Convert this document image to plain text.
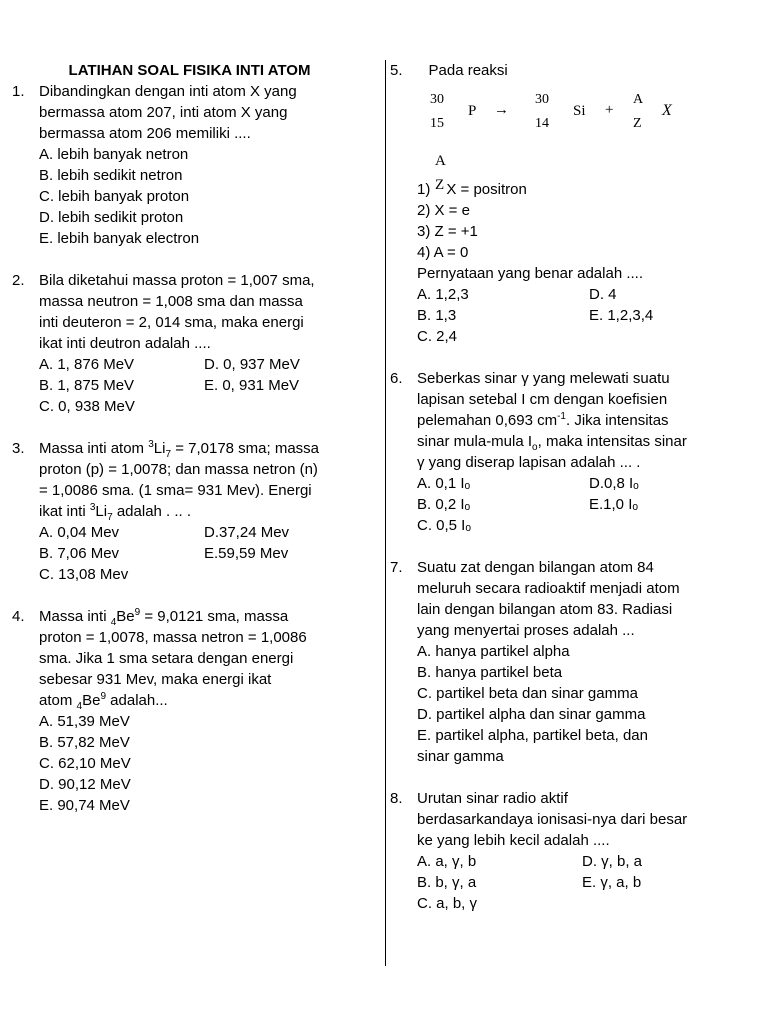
LATIHAN SOAL FISIKA INTI ATOM
1. Dibandingkan dengan inti atom X yang
bermassa atom 207, inti atom X yang
bermassa atom 206 memiliki ....
A. lebih banyak netron
B. lebih sedikit netron
C. lebih banyak proton
D. lebih sedikit proton
E. lebih banyak electron
2. Bila diketahui massa proton = 1,007 sma,
massa neutron = 1,008 sma dan massa
inti deuteron = 2, 014 sma, maka energi
ikat inti deutron adalah ....
A. 1, 876 MeV	D. 0, 937 MeV
B. 1, 875 MeV	E. 0, 931 MeV
C. 0, 938 MeV
3. Massa inti atom $^3Li_7 = 7,0178$ sma; massa
proton (p) = 1,0078; dan massa netron (n)
= 1,0086 sma. (1 sma= 931 Mev). Energi
ikat inti $^3Li_7$ adalah . .. .
A. 0,04 Mev	D.37,24 Mev
B. 7,06 Mev	E.59,59 Mev
C. 13,08 Mev
4. Massa inti $_4Be^9 = 9,0121$ sma, massa
proton = 1,0078, massa netron = 1,0086
sma. Jika 1 sma setara dengan energi
sebesar 931 Mev, maka energi ikat
atom $_4Be^9$ adalah...
A. 51,39 MeV
B. 57,82 MeV
C. 62,10 MeV
D. 90,12 MeV
E. 90,74 MeV
5. Pada reaksi
30
15
P →
30
14
Si +
A
Z
X
A
Z
1) X = positron
2) X = e
3) Z = +1
4) A = 0
Pernyataan yang benar adalah ....
A. 1,2,3	D. 4
B. 1,3	E. 1,2,3,4
C. 2,4
6. Seberkas sinar γ yang melewati suatu
lapisan setebal I cm dengan koefisien
pelemahan 0,693 $cm^{-1}$. Jika intensitas
sinar mula-mula $I_o$, maka intensitas sinar
γ yang diserap lapisan adalah ... .
A. 0,1 Iₒ	D.0,8 Iₒ
B. 0,2 Iₒ	E.1,0 Iₒ
C. 0,5 Iₒ
7. Suatu zat dengan bilangan atom 84
meluruh secara radioaktif menjadi atom
lain dengan bilangan atom 83. Radiasi
yang menyertai proses adalah ...
A. hanya partikel alpha
B. hanya partikel beta
C. partikel beta dan sinar gamma
D. partikel alpha dan sinar gamma
E. partikel alpha, partikel beta, dan
sinar gamma
8. Urutan sinar radio aktif
berdasarkandaya ionisasi-nya dari besar
ke yang lebih kecil adalah ....
A. a, γ, b	D. γ, b, a
B. b, γ, a	E. γ, a, b
C. a, b, γ
